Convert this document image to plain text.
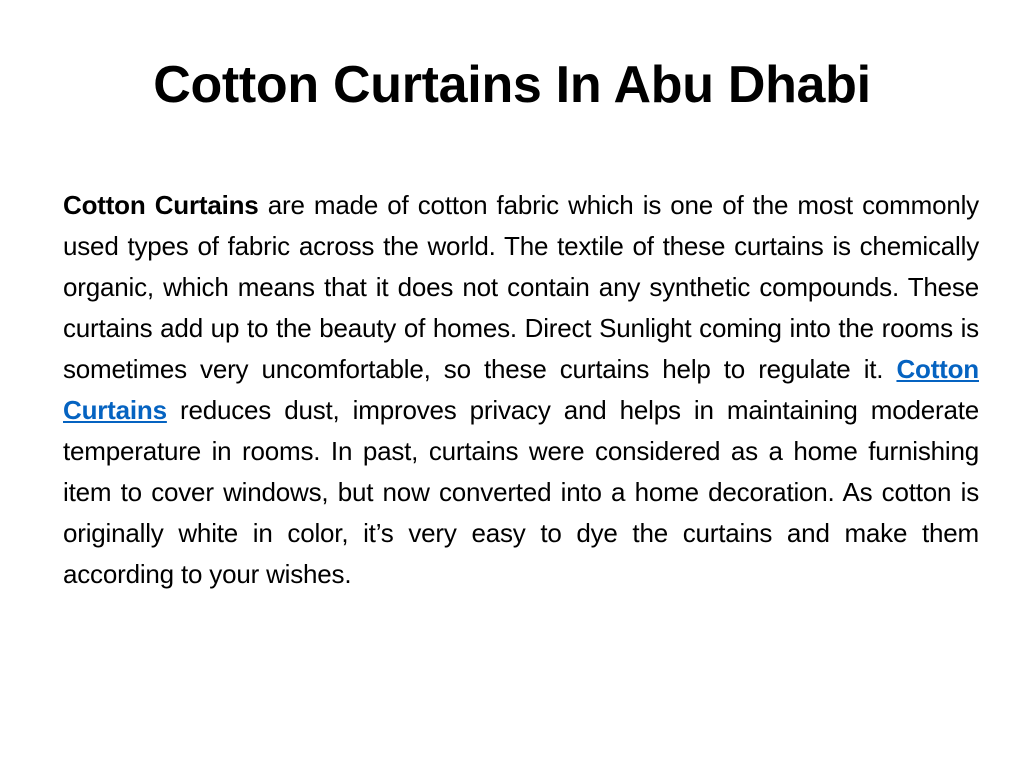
Cotton Curtains In Abu Dhabi

Cotton Curtains are made of cotton fabric which is one of the most commonly used types of fabric across the world. The textile of these curtains is chemically organic, which means that it does not contain any synthetic compounds. These curtains add up to the beauty of homes. Direct Sunlight coming into the rooms is sometimes very uncomfortable, so these curtains help to regulate it. Cotton Curtains reduces dust, improves privacy and helps in maintaining moderate temperature in rooms. In past, curtains were considered as a home furnishing item to cover windows, but now converted into a home decoration. As cotton is originally white in color, it’s very easy to dye the curtains and make them according to your wishes.
